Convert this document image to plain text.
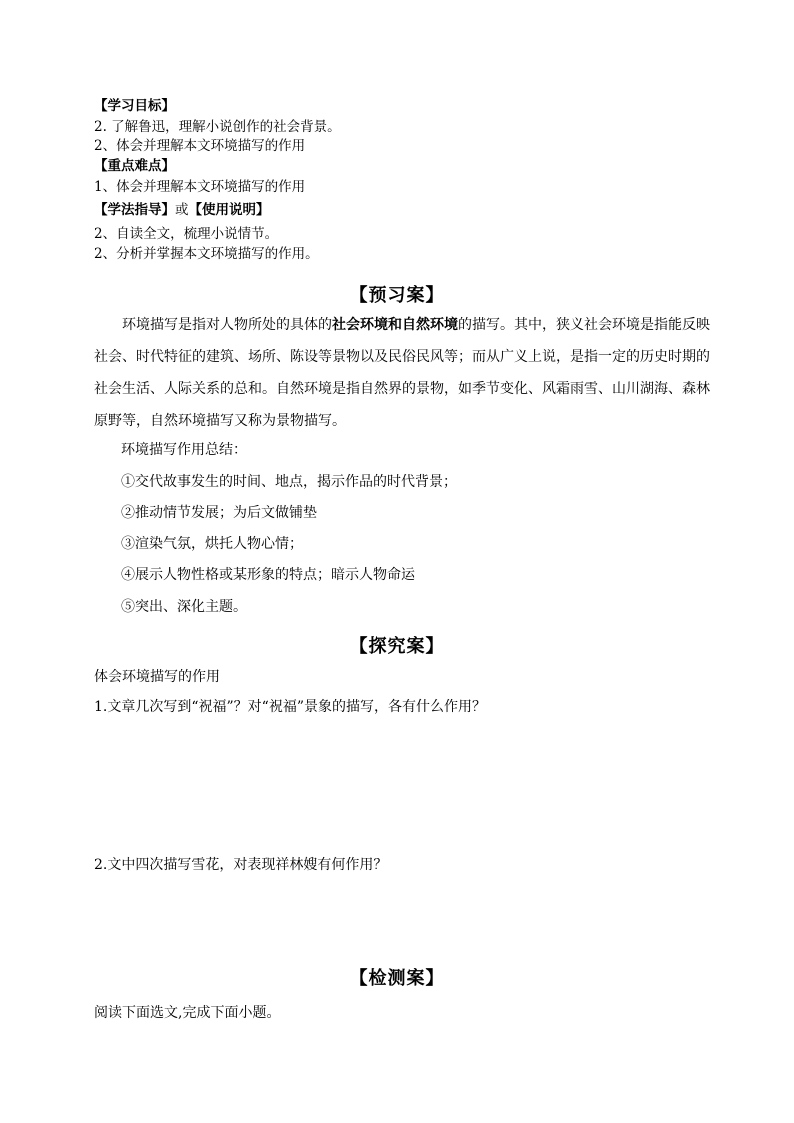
【学习目标】
2. 了解鲁迅，理解小说创作的社会背景。
2、体会并理解本文环境描写的作用
【重点难点】
1、体会并理解本文环境描写的作用
【学法指导】或【使用说明】
2、自读全文，梳理小说情节。
2、分析并掌握本文环境描写的作用。
【预习案】
环境描写是指对人物所处的具体的社会环境和自然环境的描写。其中，狭义社会环境是指能反映社会、时代特征的建筑、场所、陈设等景物以及民俗民风等；而从广义上说，是指一定的历史时期的社会生活、人际关系的总和。自然环境是指自然界的景物，如季节变化、风霜雨雪、山川湖海、森林原野等，自然环境描写又称为景物描写。
环境描写作用总结：
①交代故事发生的时间、地点，揭示作品的时代背景；
②推动情节发展；为后文做铺垫
③渲染气氛，烘托人物心情；
④展示人物性格或某形象的特点；暗示人物命运
⑤突出、深化主题。
【探究案】
体会环境描写的作用
1.文章几次写到“祝福”？对“祝福”景象的描写，各有什么作用？
2.文中四次描写雪花，对表现祥林嫂有何作用？
【检测案】
阅读下面选文,完成下面小题。
